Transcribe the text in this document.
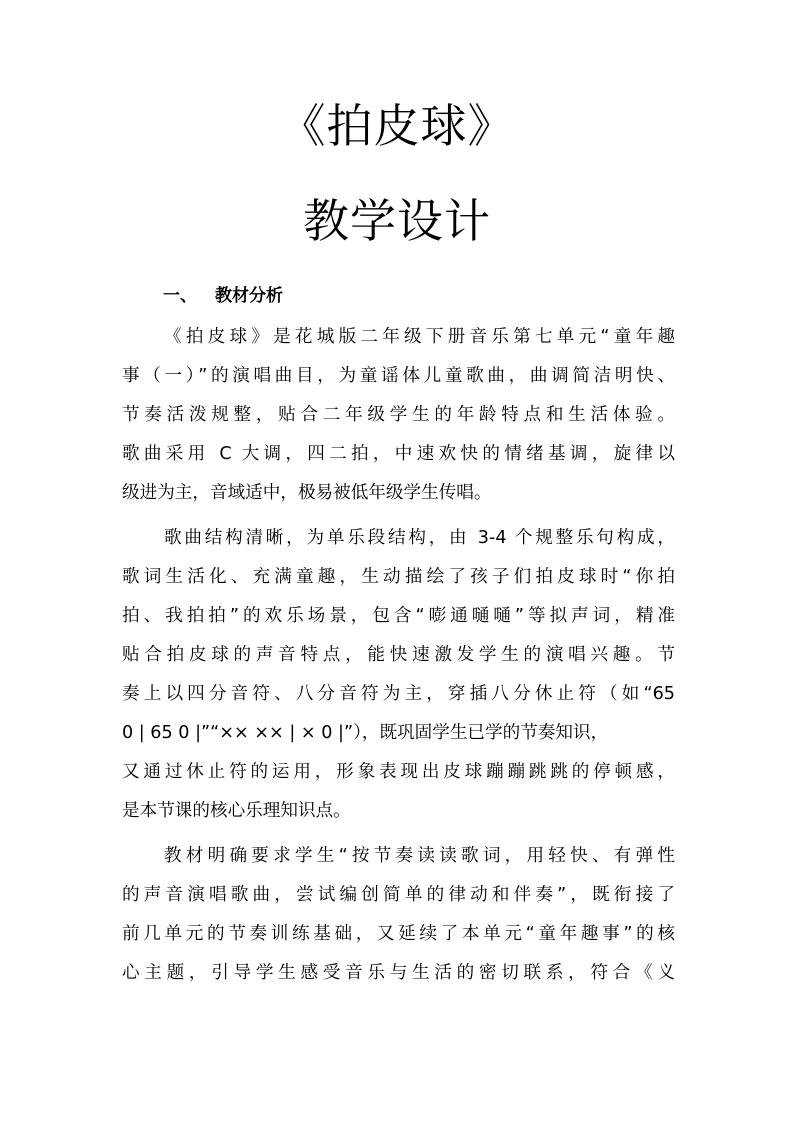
《拍皮球》
教学设计
一、 教材分析
《拍皮球》是花城版二年级下册音乐第七单元“童年趣
事（一）”的演唱曲目，为童谣体儿童歌曲，曲调简洁明快、
节奏活泼规整，贴合二年级学生的年龄特点和生活体验。
歌曲采用 C 大调，四二拍，中速欢快的情绪基调，旋律以
级进为主，音域适中，极易被低年级学生传唱。
歌曲结构清晰，为单乐段结构，由 3-4 个规整乐句构成，
歌词生活化、充满童趣，生动描绘了孩子们拍皮球时“你拍
拍、我拍拍”的欢乐场景，包含“嘭通嗵嗵”等拟声词，精准
贴合拍皮球的声音特点，能快速激发学生的演唱兴趣。节
奏上以四分音符、八分音符为主，穿插八分休止符（如“65
0 | 65 0 |”“×× ×× | × 0 |”），既巩固学生已学的节奏知识，
又通过休止符的运用，形象表现出皮球蹦蹦跳跳的停顿感，
是本节课的核心乐理知识点。
教材明确要求学生“按节奏读读歌词，用轻快、有弹性
的声音演唱歌曲，尝试编创简单的律动和伴奏”，既衔接了
前几单元的节奏训练基础，又延续了本单元“童年趣事”的核
心主题，引导学生感受音乐与生活的密切联系，符合《义
